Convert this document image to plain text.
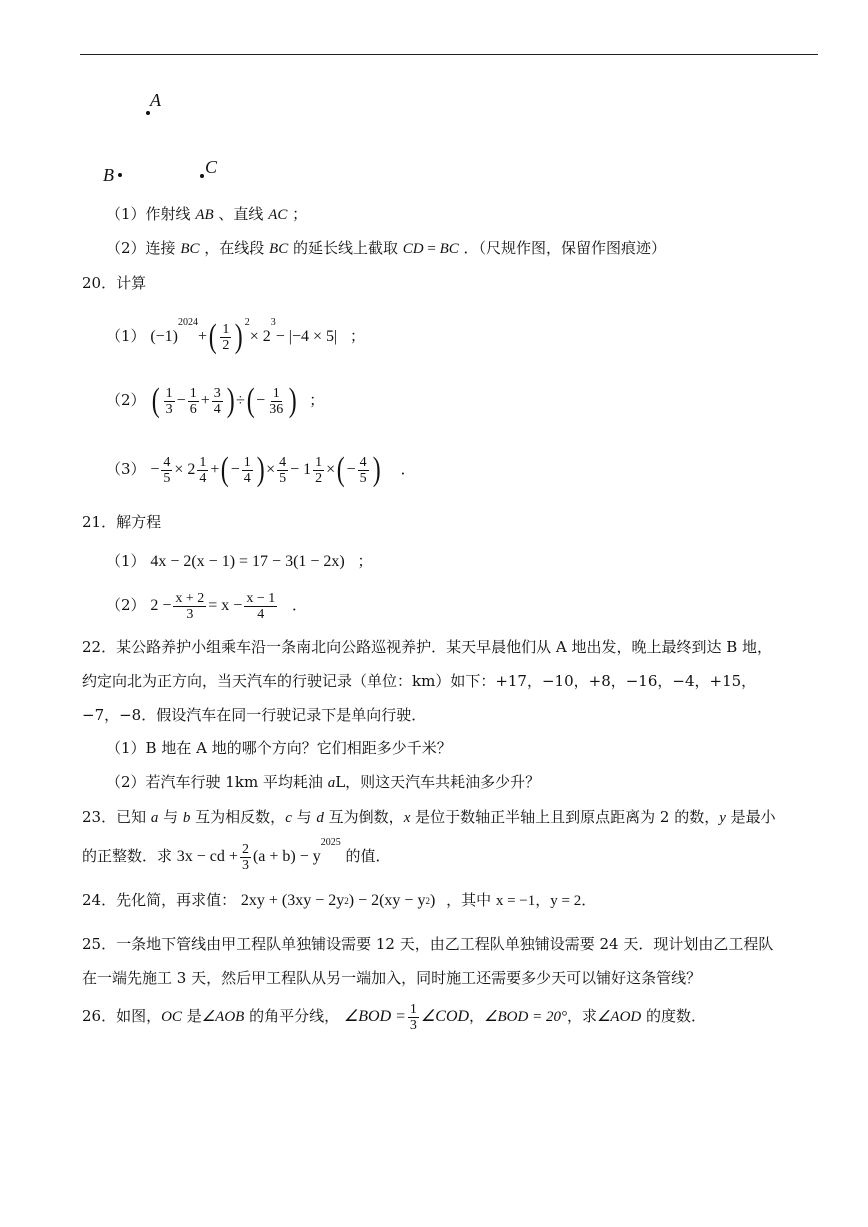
A
B	C
（1）作射线 AB 、直线 AC ；
（2）连接 BC ，在线段 BC 的延长线上截取 CD = BC ．（尺规作图，保留作图痕迹）
20．计算
（1） (−1)
$^{2024}$
+ ( $\frac{1}{2} )^2$
× 2
$^3$
− |−4 × 5| ；
（2） ( $\frac{1}{3} - \frac{1}{6} + \frac{3}{4}$ ) ÷ ( − $\frac{1}{36}$ ) ；
$(3) - \frac{4}{5} \times 2 \frac{1}{4}$ + ( − $\frac{1}{4}$ ) × $\frac{4}{5} - 1 \frac{1}{2}$ × ( − $\frac{4}{5}$ ) ．
21．解方程
（1） 4x − 2(x − 1) = 17 − 3(1 − 2x) ；
（2） $2 - \frac{x + 2}{3} = x - \frac{x - 1}{4}$ ．
22．某公路养护小组乘车沿一条南北向公路巡视养护．某天早晨他们从 A 地出发，晚上最终到达 B 地，
约定向北为正方向，当天汽车的行驶记录（单位：km）如下：+17，−10，+8，−16，−4，+15，
−7，−8．假设汽车在同一行驶记录下是单向行驶．
（1）B 地在 A 地的哪个方向？它们相距多少千米？
（2）若汽车行驶 1km 平均耗油 aL，则这天汽车共耗油多少升？
23．已知 a 与 b 互为相反数，c 与 d 互为倒数，x 是位于数轴正半轴上且到原点距离为 2 的数，y 是最小
的正整数．求 3x − cd + $\frac{2}{3} (a + b) - y$
$^{2025}$
的值．
24．先化简，再求值： 2xy + (3xy − 2y 2 ) − 2(xy − y 2 ) ，其中 x = −1，y = 2．
25．一条地下管线由甲工程队单独铺设需要 12 天，由乙工程队单独铺设需要 24 天．现计划由乙工程队
在一端先施工 3 天，然后甲工程队从另一端加入，同时施工还需要多少天可以铺好这条管线？
26．如图，OC 是∠AOB 的角平分线， ∠BOD = $\frac{1}{3}$ ∠COD ，∠BOD = 20°，求∠AOD 的度数．
